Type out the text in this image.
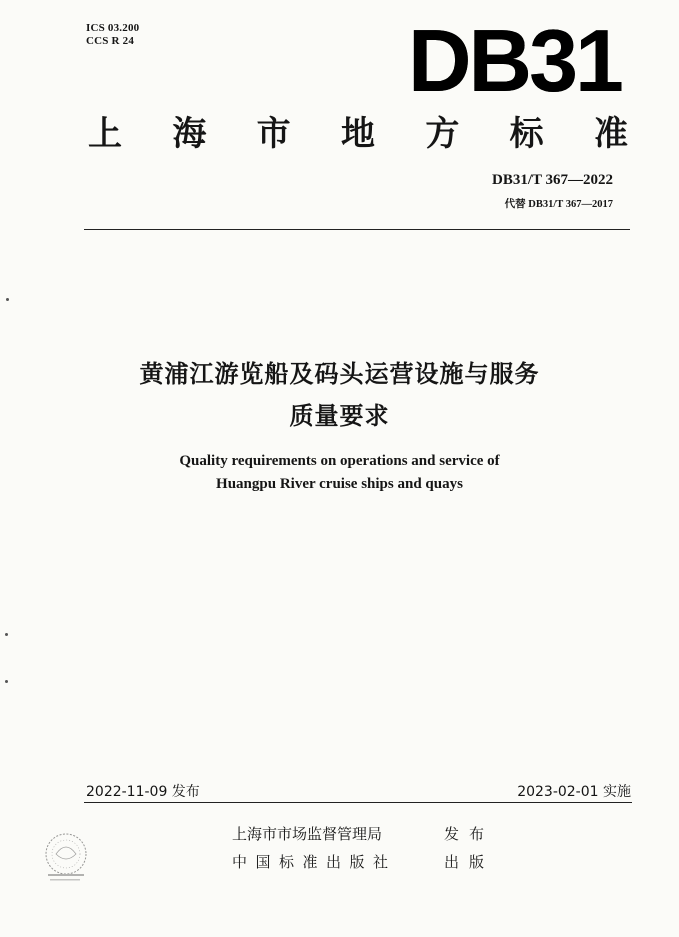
ICS 03.200
CCS R 24	DB31
上 海 市 地 方 标 准
DB31/T 367—2022
代替 DB31/T 367—2017
黄浦江游览船及码头运营设施与服务
质量要求
Quality requirements on operations and service of
Huangpu River cruise ships and quays
2022-11-09 发布	2023-02-01 实施
上海市市场监督管理局	发布
中国标准出版社	出版
